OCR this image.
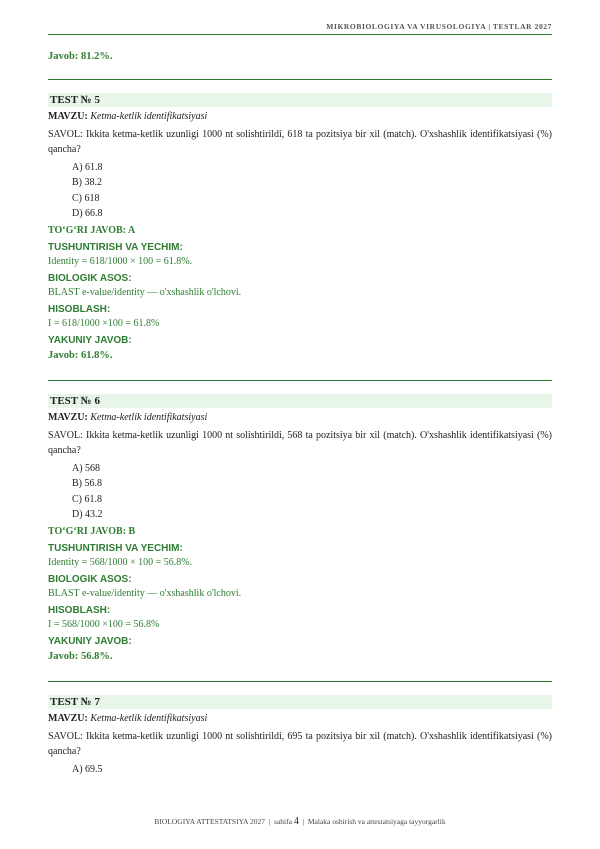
MIKROBIOLOGIYA VA VIRUSOLOGIYA | TESTLAR 2027
Javob: 81.2%.
TEST № 5
MAVZU: Ketma-ketlik identifikatsiyasi
SAVOL: Ikkita ketma-ketlik uzunligi 1000 nt solishtirildi, 618 ta pozitsiya bir xil (match). O'xshashlik identifikatsiyasi (%) qancha?
A) 61.8
B) 38.2
C) 618
D) 66.8
TO‘G‘RI JAVOB: A
TUSHUNTIRISH VA YECHIM:
Identity = 618/1000 × 100 = 61.8%.
BIOLOGIK ASOS:
BLAST e-value/identity — o'xshashlik o'lchovi.
HISOBLASH:
I = 618/1000 ×100 = 61.8%
YAKUNIY JAVOB:
Javob: 61.8%.
TEST № 6
MAVZU: Ketma-ketlik identifikatsiyasi
SAVOL: Ikkita ketma-ketlik uzunligi 1000 nt solishtirildi, 568 ta pozitsiya bir xil (match). O'xshashlik identifikatsiyasi (%) qancha?
A) 568
B) 56.8
C) 61.8
D) 43.2
TO‘G‘RI JAVOB: B
TUSHUNTIRISH VA YECHIM:
Identity = 568/1000 × 100 = 56.8%.
BIOLOGIK ASOS:
BLAST e-value/identity — o'xshashlik o'lchovi.
HISOBLASH:
I = 568/1000 ×100 = 56.8%
YAKUNIY JAVOB:
Javob: 56.8%.
TEST № 7
MAVZU: Ketma-ketlik identifikatsiyasi
SAVOL: Ikkita ketma-ketlik uzunligi 1000 nt solishtirildi, 695 ta pozitsiya bir xil (match). O'xshashlik identifikatsiyasi (%) qancha?
A) 69.5
BIOLOGIYA ATTESTATSIYA 2027  |  sahifa 4  |  Malaka oshirish va attestatsiyaga tayyorgarlik
